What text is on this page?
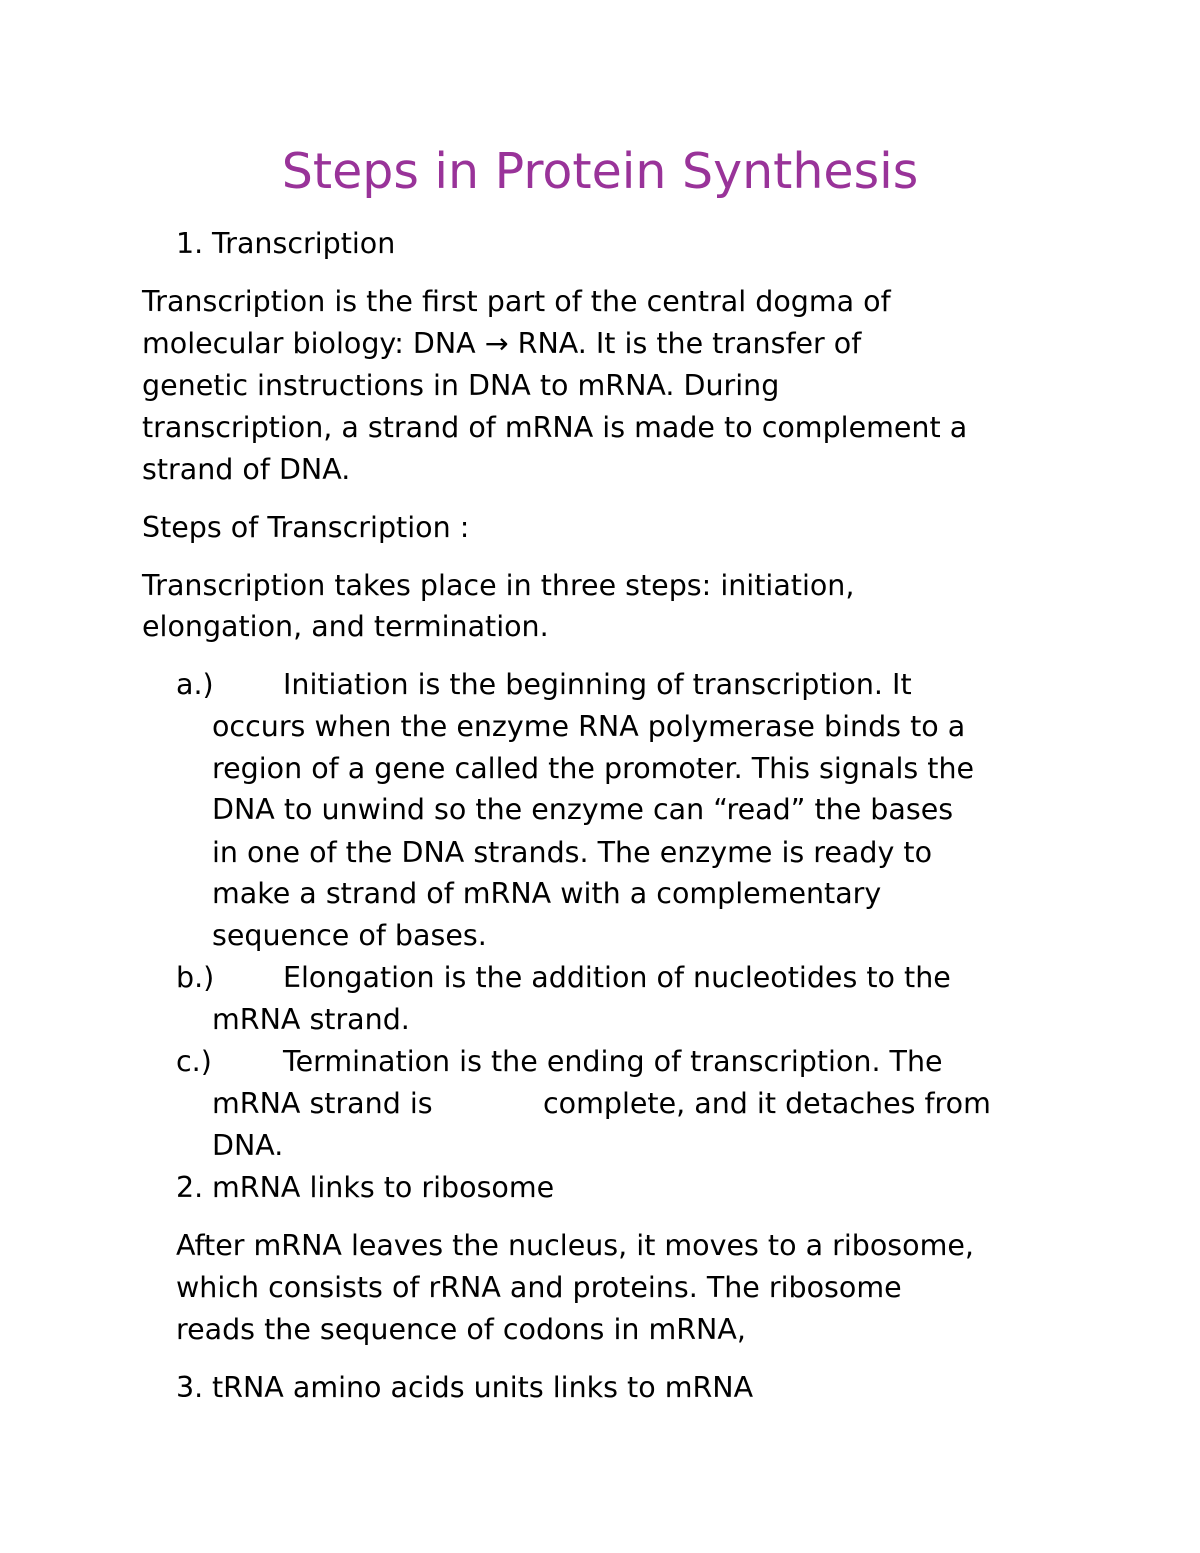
Steps in Protein Synthesis
1. Transcription
Transcription is the first part of the central dogma of
molecular biology: DNA → RNA. It is the transfer of
genetic instructions in DNA to mRNA. During
transcription, a strand of mRNA is made to complement a
strand of DNA.
Steps of Transcription :
Transcription takes place in three steps: initiation,
elongation, and termination.
a.) Initiation is the beginning of transcription. It
occurs when the enzyme RNA polymerase binds to a
region of a gene called the promoter. This signals the
DNA to unwind so the enzyme can “read” the bases
in one of the DNA strands. The enzyme is ready to
make a strand of mRNA with a complementary
sequence of bases.
b.) Elongation is the addition of nucleotides to the
mRNA strand.
c.) Termination is the ending of transcription. The
mRNA strand is	complete, and it detaches from
DNA.
2. mRNA links to ribosome
After mRNA leaves the nucleus, it moves to a ribosome,
which consists of rRNA and proteins. The ribosome
reads the sequence of codons in mRNA,
3. tRNA amino acids units links to mRNA
